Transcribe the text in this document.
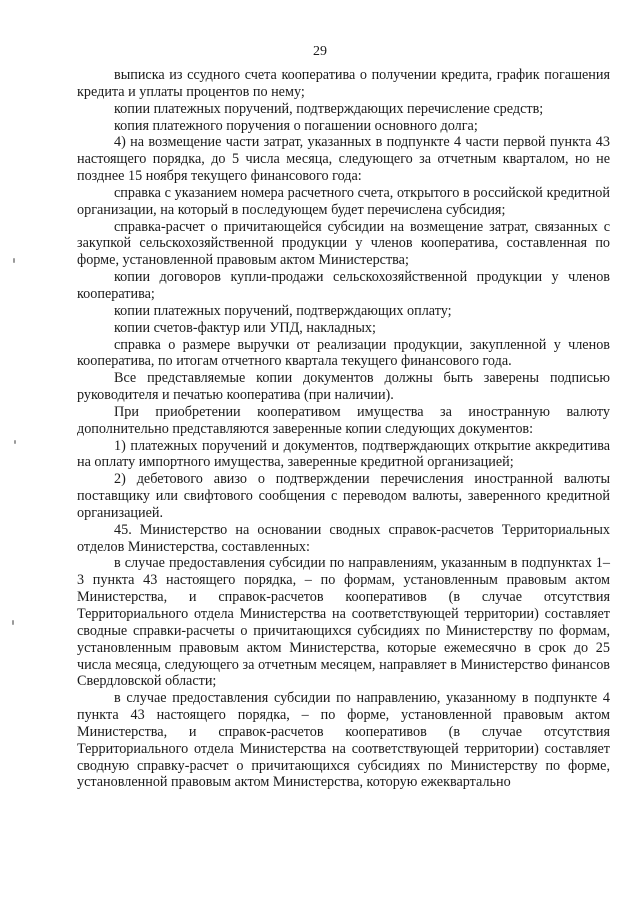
29

выписка из ссудного счета кооператива о получении кредита, график погашения кредита и уплаты процентов по нему;

копии платежных поручений, подтверждающих перечисление средств;

копия платежного поручения о погашении основного долга;

4) на возмещение части затрат, указанных в подпункте 4 части первой пункта 43 настоящего порядка, до 5 числа месяца, следующего за отчетным кварталом, но не позднее 15 ноября текущего финансового года:

справка с указанием номера расчетного счета, открытого в российской кредитной организации, на который в последующем будет перечислена субсидия;

справка-расчет о причитающейся субсидии на возмещение затрат, связанных с закупкой сельскохозяйственной продукции у членов кооператива, составленная по форме, установленной правовым актом Министерства;

копии договоров купли-продажи сельскохозяйственной продукции у членов кооператива;

копии платежных поручений, подтверждающих оплату;

копии счетов-фактур или УПД, накладных;

справка о размере выручки от реализации продукции, закупленной у членов кооператива, по итогам отчетного квартала текущего финансового года.

Все представляемые копии документов должны быть заверены подписью руководителя и печатью кооператива (при наличии).

При приобретении кооперативом имущества за иностранную валюту дополнительно представляются заверенные копии следующих документов:

1) платежных поручений и документов, подтверждающих открытие аккредитива на оплату импортного имущества, заверенные кредитной организацией;

2) дебетового авизо о подтверждении перечисления иностранной валюты поставщику или свифтового сообщения с переводом валюты, заверенного кредитной организацией.

45. Министерство на основании сводных справок-расчетов Территориальных отделов Министерства, составленных:

в случае предоставления субсидии по направлениям, указанным в подпунктах 1–3 пункта 43 настоящего порядка, – по формам, установленным правовым актом Министерства, и справок-расчетов кооперативов (в случае отсутствия Территориального отдела Министерства на соответствующей территории) составляет сводные справки-расчеты о причитающихся субсидиях по Министерству по формам, установленным правовым актом Министерства, которые ежемесячно в срок до 25 числа месяца, следующего за отчетным месяцем, направляет в Министерство финансов Свердловской области;

в случае предоставления субсидии по направлению, указанному в подпункте 4 пункта 43 настоящего порядка, – по форме, установленной правовым актом Министерства, и справок-расчетов кооперативов (в случае отсутствия Территориального отдела Министерства на соответствующей территории) составляет сводную справку-расчет о причитающихся субсидиях по Министерству по форме, установленной правовым актом Министерства, которую ежеквартально
